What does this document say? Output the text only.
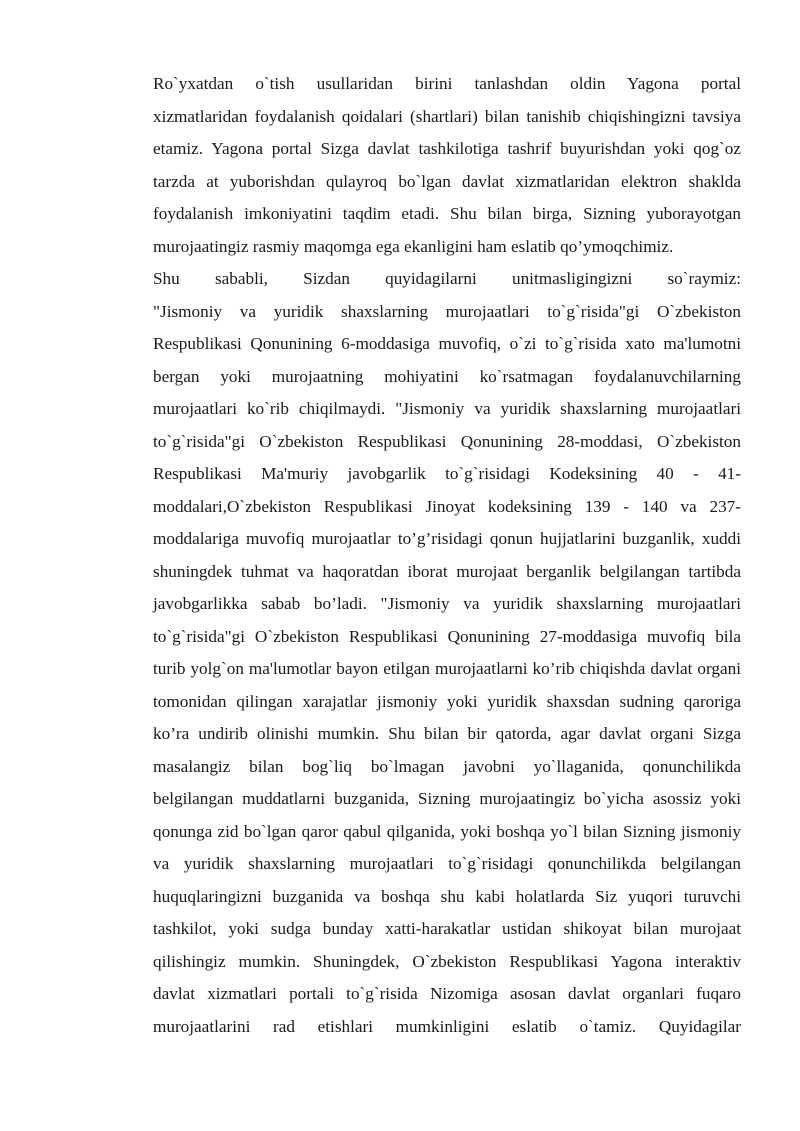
Ro`yxatdan o`tish usullaridan birini tanlashdan oldin Yagona portal
xizmatlaridan foydalanish qoidalari (shartlari) bilan tanishib chiqishingizni tavsiya
etamiz. Yagona portal Sizga davlat tashkilotiga tashrif buyurishdan yoki qog`oz
tarzda at yuborishdan qulayroq bo`lgan davlat xizmatlaridan elektron shaklda
foydalanish imkoniyatini taqdim etadi. Shu bilan birga, Sizning yuborayotgan
murojaatingiz rasmiy maqomga ega ekanligini ham eslatib qo’ymoqchimiz.

Shu sababli, Sizdan quyidagilarni unitmasligingizni so`raymiz:
"Jismoniy va yuridik shaxslarning murojaatlari to`g`risida"gi O`zbekiston
Respublikasi Qonunining 6-moddasiga muvofiq, o`zi to`g`risida xato ma'lumotni
bergan yoki murojaatning mohiyatini ko`rsatmagan foydalanuvchilarning
murojaatlari ko`rib chiqilmaydi. "Jismoniy va yuridik shaxslarning murojaatlari
to`g`risida"gi O`zbekiston Respublikasi Qonunining 28-moddasi, O`zbekiston
Respublikasi Ma'muriy javobgarlik to`g`risidagi Kodeksining 40 - 41-
moddalari,O`zbekiston Respublikasi Jinoyat kodeksining 139 - 140 va 237-
moddalariga muvofiq murojaatlar to’g’risidagi qonun hujjatlarini buzganlik, xuddi
shuningdek tuhmat va haqoratdan iborat murojaat berganlik belgilangan tartibda
javobgarlikka sabab bo’ladi. "Jismoniy va yuridik shaxslarning murojaatlari
to`g`risida"gi O`zbekiston Respublikasi Qonunining 27-moddasiga muvofiq bila
turib yolg`on ma'lumotlar bayon etilgan murojaatlarni ko’rib chiqishda davlat organi
tomonidan qilingan xarajatlar jismoniy yoki yuridik shaxsdan sudning qaroriga
ko’ra undirib olinishi mumkin. Shu bilan bir qatorda, agar davlat organi Sizga
masalangiz bilan bog`liq bo`lmagan javobni yo`llaganida, qonunchilikda
belgilangan muddatlarni buzganida, Sizning murojaatingiz bo`yicha asossiz yoki
qonunga zid bo`lgan qaror qabul qilganida, yoki boshqa yo`l bilan Sizning jismoniy
va yuridik shaxslarning murojaatlari to`g`risidagi qonunchilikda belgilangan
huquqlaringizni buzganida va boshqa shu kabi holatlarda Siz yuqori turuvchi
tashkilot, yoki sudga bunday xatti-harakatlar ustidan shikoyat bilan murojaat
qilishingiz mumkin. Shuningdek, O`zbekiston Respublikasi Yagona interaktiv
davlat xizmatlari portali to`g`risida Nizomiga asosan davlat organlari fuqaro
murojaatlarini rad etishlari mumkinligini eslatib o`tamiz. Quyidagilar
